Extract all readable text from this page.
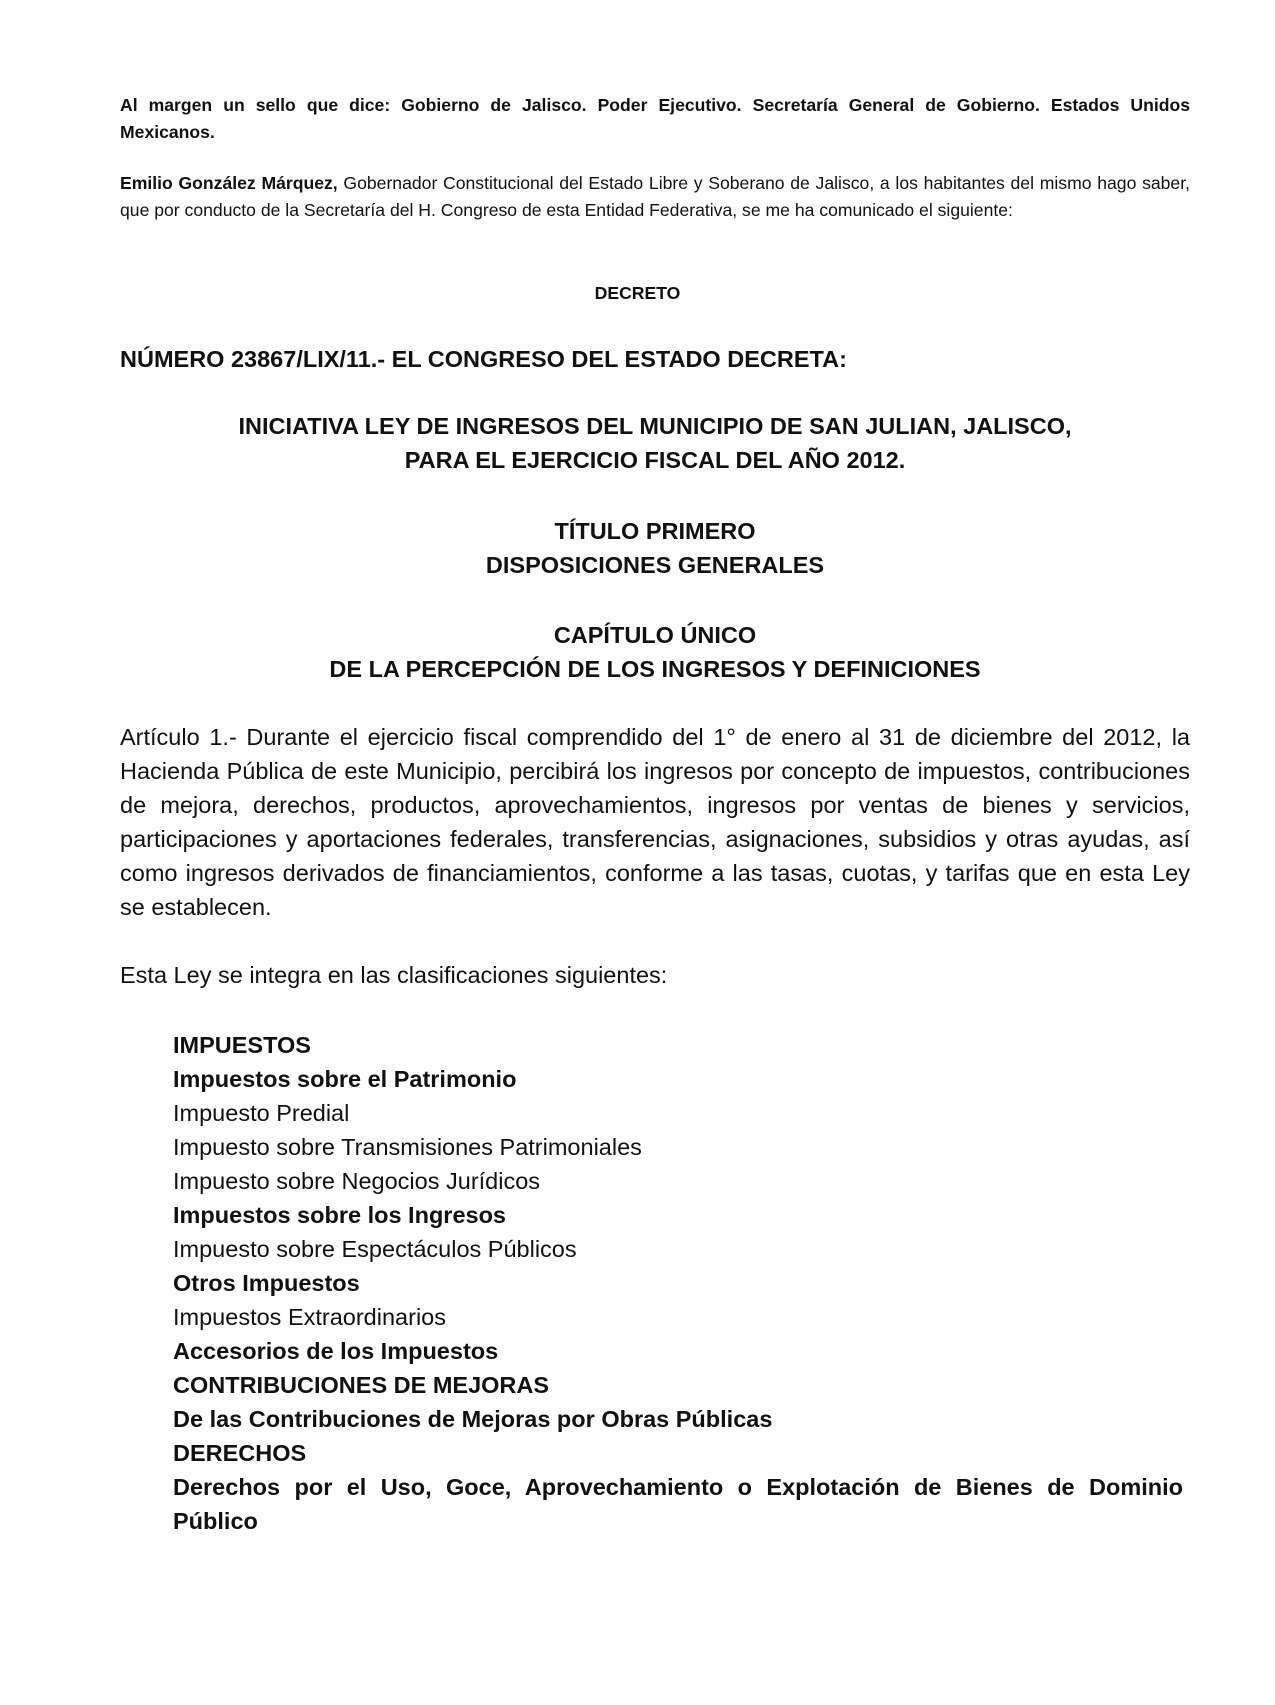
Al margen un sello que dice: Gobierno de Jalisco. Poder Ejecutivo. Secretaría General de Gobierno. Estados Unidos Mexicanos.
Emilio González Márquez, Gobernador Constitucional del Estado Libre y Soberano de Jalisco, a los habitantes del mismo hago saber, que por conducto de la Secretaría del H. Congreso de esta Entidad Federativa, se me ha comunicado el siguiente:
DECRETO
NÚMERO 23867/LIX/11.- EL CONGRESO DEL ESTADO DECRETA:
INICIATIVA LEY DE INGRESOS DEL MUNICIPIO DE SAN JULIAN, JALISCO,
PARA EL EJERCICIO FISCAL DEL AÑO 2012.
TÍTULO PRIMERO
DISPOSICIONES GENERALES
CAPÍTULO ÚNICO
DE LA PERCEPCIÓN DE LOS INGRESOS Y DEFINICIONES
Artículo 1.- Durante el ejercicio fiscal comprendido del 1° de enero al 31 de diciembre del 2012, la Hacienda Pública de este Municipio, percibirá los ingresos por concepto de impuestos, contribuciones de mejora, derechos, productos, aprovechamientos, ingresos por ventas de bienes y servicios, participaciones y aportaciones federales, transferencias, asignaciones, subsidios y otras ayudas, así como ingresos derivados de financiamientos, conforme a las tasas, cuotas, y tarifas que en esta Ley se establecen.
Esta Ley se integra en las clasificaciones siguientes:
IMPUESTOS
Impuestos sobre el Patrimonio
Impuesto Predial
Impuesto sobre Transmisiones Patrimoniales
Impuesto sobre Negocios Jurídicos
Impuestos sobre los Ingresos
Impuesto sobre Espectáculos Públicos
Otros Impuestos
Impuestos Extraordinarios
Accesorios de los Impuestos
CONTRIBUCIONES DE MEJORAS
De las Contribuciones de Mejoras por Obras Públicas
DERECHOS
Derechos por el Uso, Goce, Aprovechamiento o Explotación de Bienes de Dominio Público
